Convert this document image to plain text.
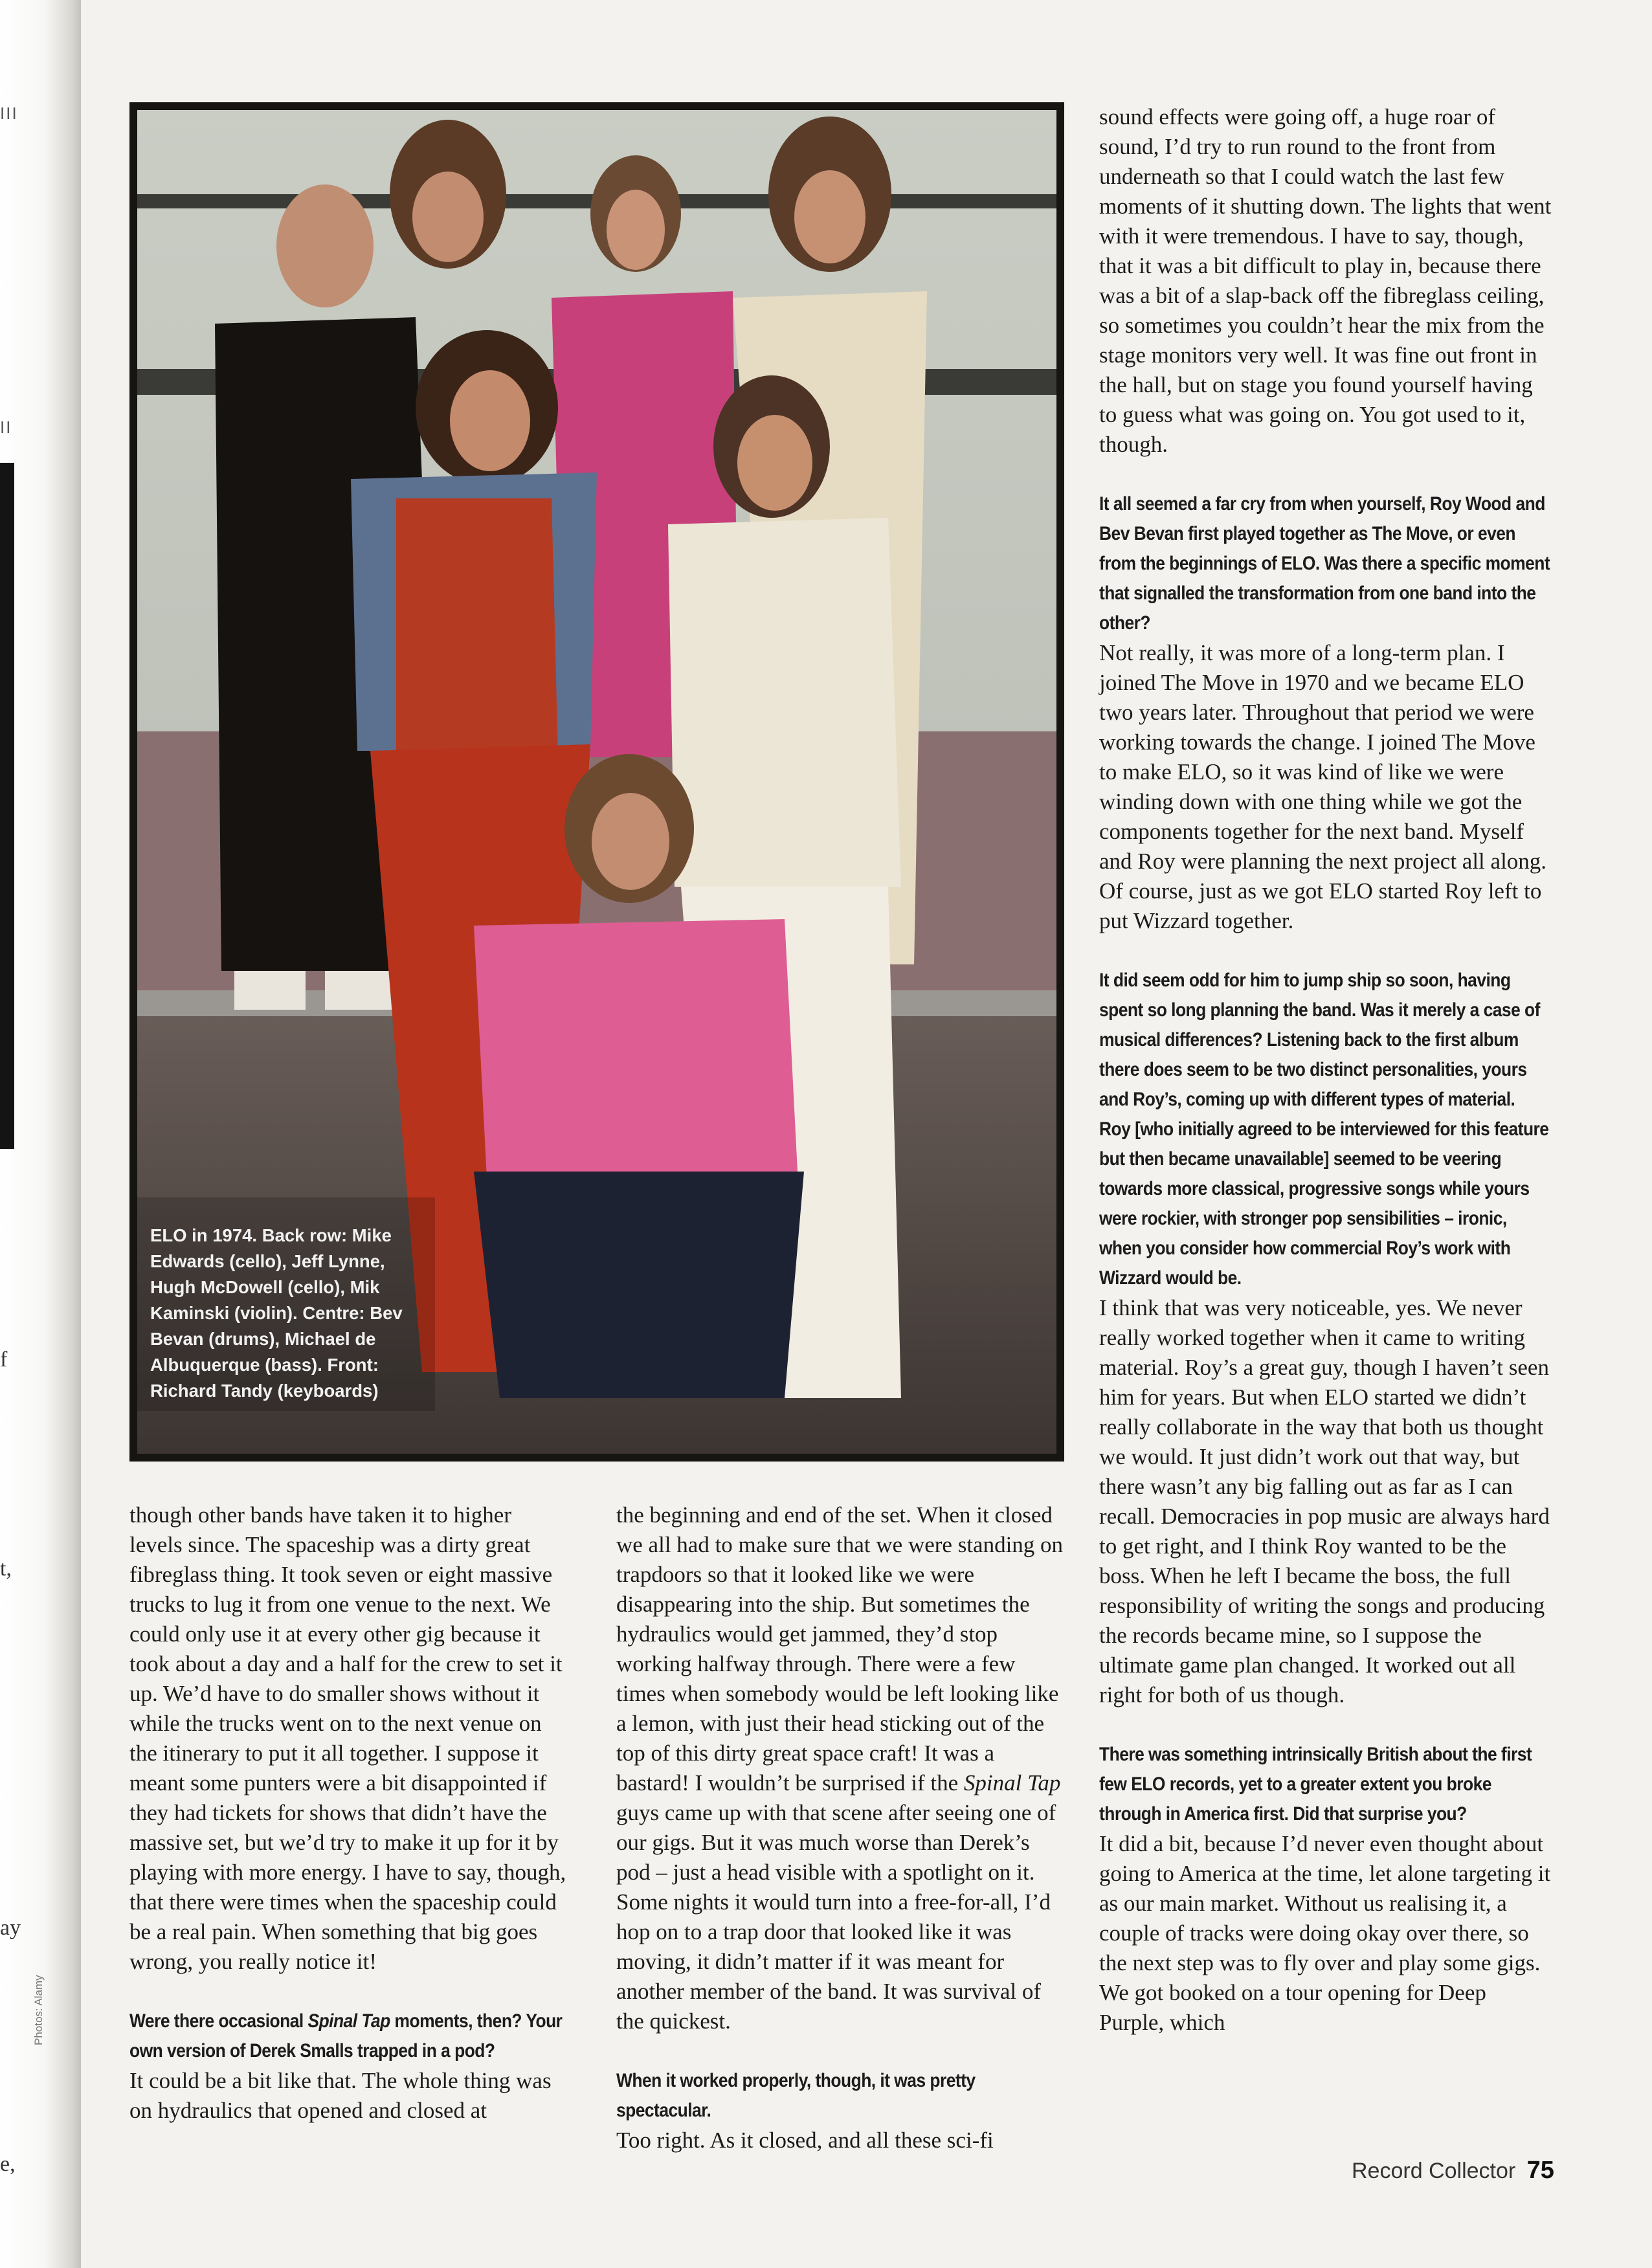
III
II
f
t,
ay
e,
Photos: Alamy

ELO in 1974. Back row: Mike Edwards (cello), Jeff Lynne, Hugh McDowell (cello), Mik Kaminski (violin). Centre: Bev Bevan (drums), Michael de Albuquerque (bass). Front: Richard Tandy (keyboards)

sound effects were going off, a huge roar of sound, I’d try to run round to the front from underneath so that I could watch the last few moments of it shutting down. The lights that went with it were tremendous. I have to say, though, that it was a bit difficult to play in, because there was a bit of a slap-back off the fibreglass ceiling, so sometimes you couldn’t hear the mix from the stage monitors very well. It was fine out front in the hall, but on stage you found yourself having to guess what was going on. You got used to it, though.

It all seemed a far cry from when yourself, Roy Wood and Bev Bevan first played together as The Move, or even from the beginnings of ELO. Was there a specific moment that signalled the transformation from one band into the other?

Not really, it was more of a long-term plan. I joined The Move in 1970 and we became ELO two years later. Throughout that period we were working towards the change. I joined The Move to make ELO, so it was kind of like we were winding down with one thing while we got the components together for the next band. Myself and Roy were planning the next project all along. Of course, just as we got ELO started Roy left to put Wizzard together.

It did seem odd for him to jump ship so soon, having spent so long planning the band. Was it merely a case of musical differences? Listening back to the first album there does seem to be two distinct personalities, yours and Roy’s, coming up with different types of material. Roy [who initially agreed to be interviewed for this feature but then became unavailable] seemed to be veering towards more classical, progressive songs while yours were rockier, with stronger pop sensibilities – ironic, when you consider how commercial Roy’s work with Wizzard would be.

I think that was very noticeable, yes. We never really worked together when it came to writing material. Roy’s a great guy, though I haven’t seen him for years. But when ELO started we didn’t really collaborate in the way that both us thought we would. It just didn’t work out that way, but there wasn’t any big falling out as far as I can recall. Democracies in pop music are always hard to get right, and I think Roy wanted to be the boss. When he left I became the boss, the full responsibility of writing the songs and producing the records became mine, so I suppose the ultimate game plan changed. It worked out all right for both of us though.

There was something intrinsically British about the first few ELO records, yet to a greater extent you broke through in America first. Did that surprise you?

It did a bit, because I’d never even thought about going to America at the time, let alone targeting it as our main market. Without us realising it, a couple of tracks were doing okay over there, so the next step was to fly over and play some gigs. We got booked on a tour opening for Deep Purple, which

though other bands have taken it to higher levels since. The spaceship was a dirty great fibreglass thing. It took seven or eight massive trucks to lug it from one venue to the next. We could only use it at every other gig because it took about a day and a half for the crew to set it up. We’d have to do smaller shows without it while the trucks went on to the next venue on the itinerary to put it all together. I suppose it meant some punters were a bit disappointed if they had tickets for shows that didn’t have the massive set, but we’d try to make it up for it by playing with more energy. I have to say, though, that there were times when the spaceship could be a real pain. When something that big goes wrong, you really notice it!

Were there occasional Spinal Tap moments, then? Your own version of Derek Smalls trapped in a pod?

It could be a bit like that. The whole thing was on hydraulics that opened and closed at

the beginning and end of the set. When it closed we all had to make sure that we were standing on trapdoors so that it looked like we were disappearing into the ship. But sometimes the hydraulics would get jammed, they’d stop working halfway through. There were a few times when somebody would be left looking like a lemon, with just their head sticking out of the top of this dirty great space craft! It was a bastard! I wouldn’t be surprised if the Spinal Tap guys came up with that scene after seeing one of our gigs. But it was much worse than Derek’s pod – just a head visible with a spotlight on it. Some nights it would turn into a free-for-all, I’d hop on to a trap door that looked like it was moving, it didn’t matter if it was meant for another member of the band. It was survival of the quickest.

When it worked properly, though, it was pretty spectacular.

Too right. As it closed, and all these sci-fi

Record Collector 75
